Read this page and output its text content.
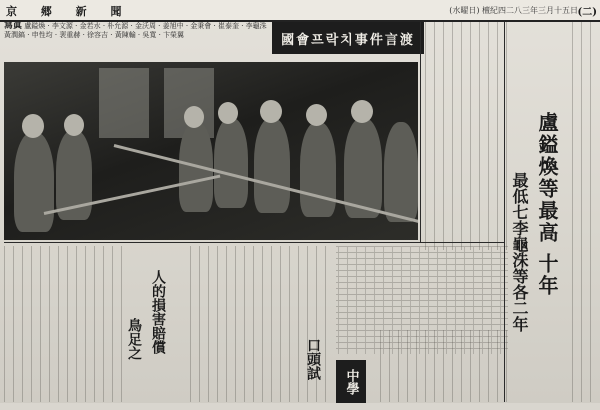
京 郷 新 聞	(水曜日) 檀紀四二八三年三月十五日 (二)
寫眞 盧鎰煥 · 李文源 · 金若水 · 朴允源 · 金沃周 · 姜旭中 · 金秉會 · 崔泰奎 · 李龜洙
黃潤鎬 · 申性均 · 裵重赫 · 徐容吉 · 黃陳輸 · 吳寬 · 卞榮翼	國會프락치事件言渡
盧鎰煥等最高 十年
最低七李龜洙等各二年
人的損害賠償
鳥足之	口頭試
中學
